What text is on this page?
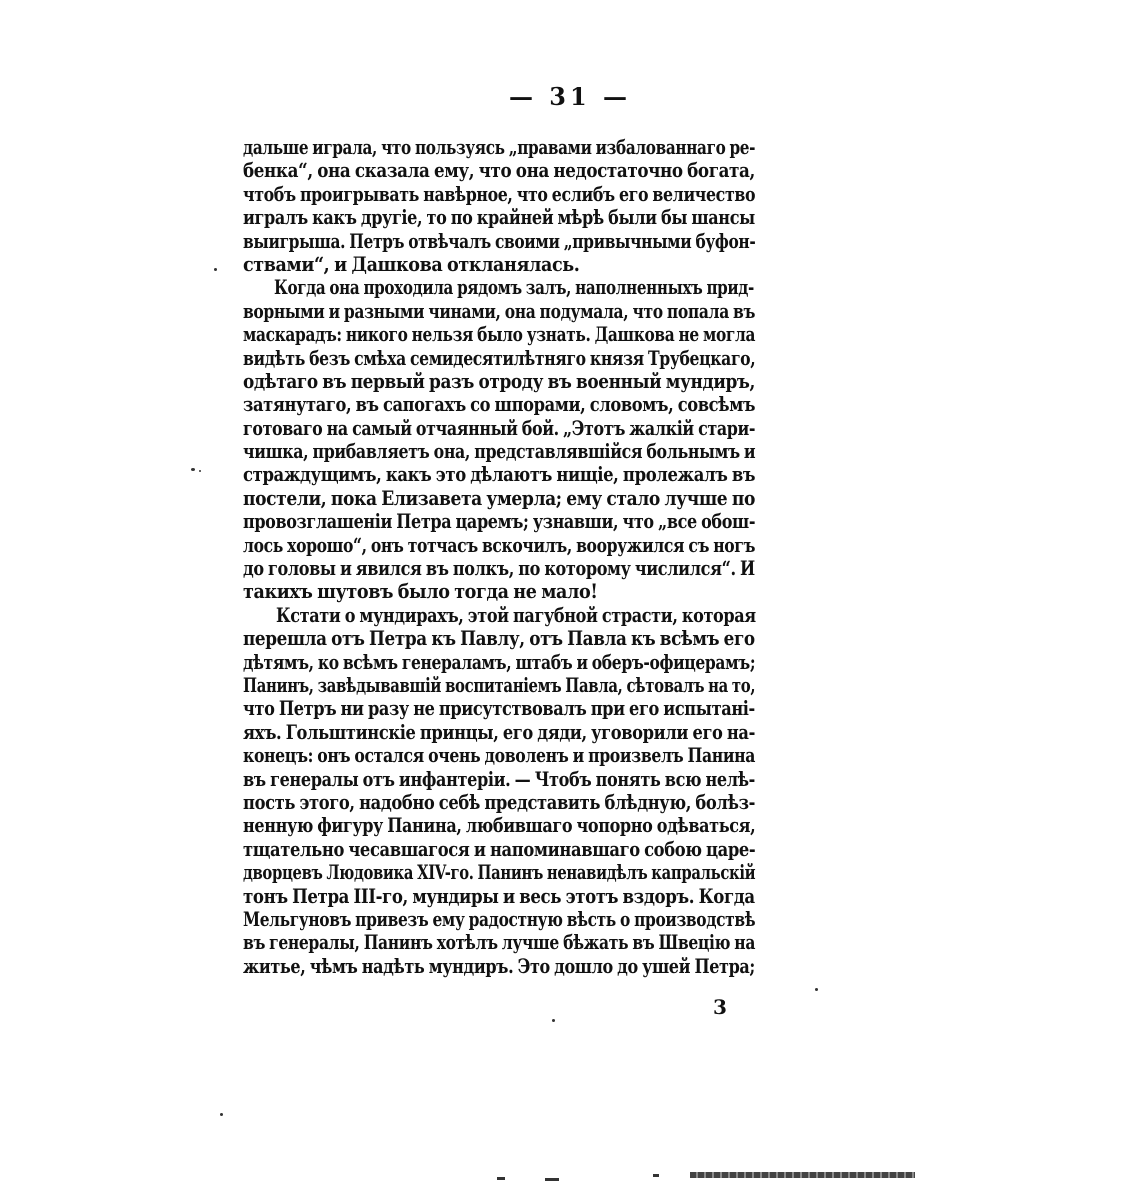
— 31 —
дальше играла, что пользуясь „правами избалованнаго ре-
бенка“, она сказала ему, что она недостаточно богата,
чтобъ проигрывать навѣрное, что еслибъ его величество
игралъ какъ другіе, то по крайней мѣрѣ были бы шансы
выигрыша. Петръ отвѣчалъ своими „привычными буфон-
ствами“, и Дашкова откланялась.
Когда она проходила рядомъ залъ, наполненныхъ прид-
ворными и разными чинами, она подумала, что попала въ
маскарадъ: никого нельзя было узнать. Дашкова не могла
видѣть безъ смѣха семидесятилѣтняго князя Трубецкаго,
одѣтаго въ первый разъ отроду въ военный мундиръ,
затянутаго, въ сапогахъ со шпорами, словомъ, совсѣмъ
готоваго на самый отчаянный бой. „Этотъ жалкій стари-
чишка, прибавляетъ она, представлявшійся больнымъ и
страждущимъ, какъ это дѣлаютъ нищіе, пролежалъ въ
постели, пока Елизавета умерла; ему стало лучше по
провозглашеніи Петра царемъ; узнавши, что „все обош-
лось хорошо“, онъ тотчасъ вскочилъ, вооружился съ ногъ
до головы и явился въ полкъ, по которому числился“. И
такихъ шутовъ было тогда не мало!
Кстати о мундирахъ, этой пагубной страсти, которая
перешла отъ Петра къ Павлу, отъ Павла къ всѣмъ его
дѣтямъ, ко всѣмъ генераламъ, штабъ и оберъ-офицерамъ;
Панинъ, завѣдывавшій воспитаніемъ Павла, сѣтовалъ на то,
что Петръ ни разу не присутствовалъ при его испытані-
яхъ. Гольштинскіе принцы, его дяди, уговорили его на-
конецъ: онъ остался очень доволенъ и произвелъ Панина
въ генералы отъ инфантеріи. — Чтобъ понять всю нелѣ-
пость этого, надобно себѣ представить блѣдную, болѣз-
ненную фигуру Панина, любившаго чопорно одѣваться,
тщательно чесавшагося и напоминавшаго собою царе-
дворцевъ Людовика XIV-го. Панинъ ненавидѣлъ капральскій
тонъ Петра III-го, мундиры и весь этотъ вздоръ. Когда
Мельгуновъ привезъ ему радостную вѣсть о производствѣ
въ генералы, Панинъ хотѣлъ лучше бѣжать въ Швецію на
житье, чѣмъ надѣть мундиръ. Это дошло до ушей Петра;
3
